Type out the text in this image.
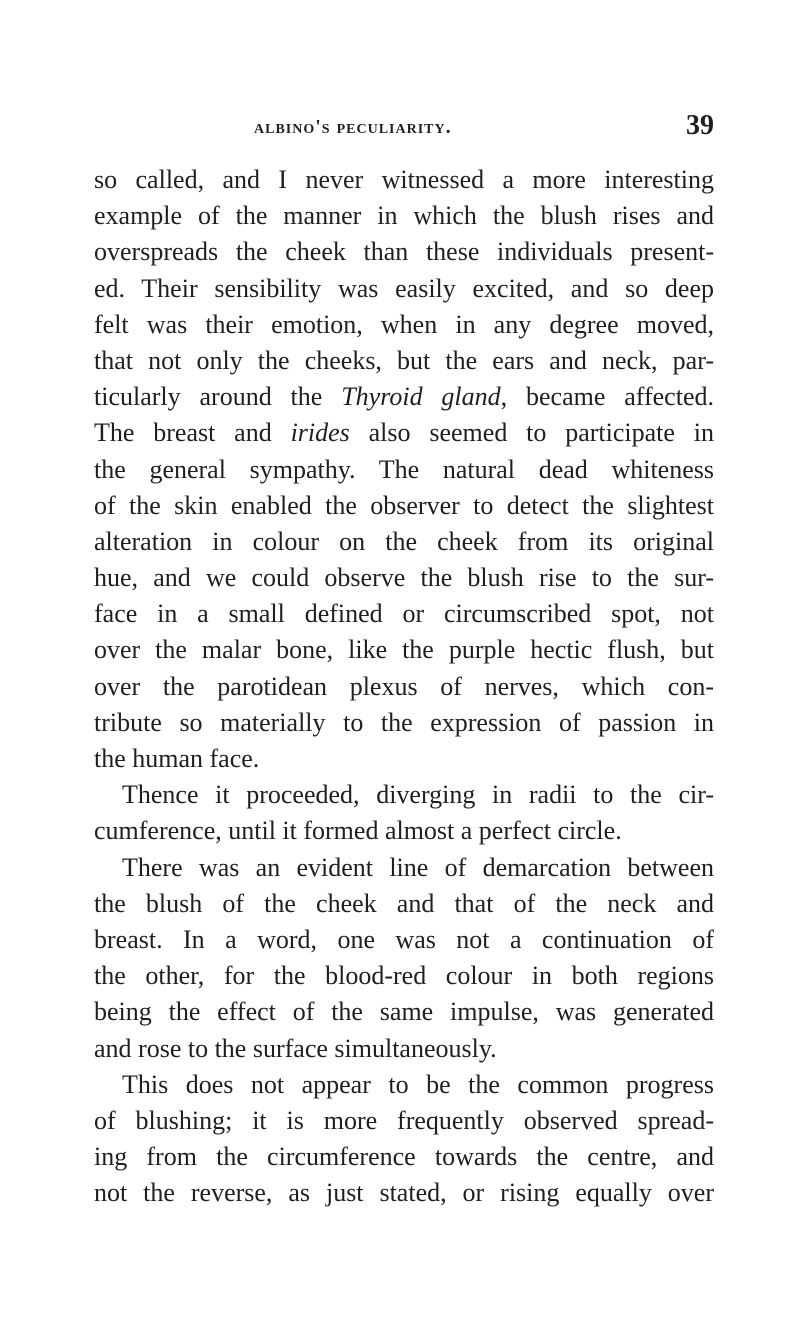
albino's peculiarity.	39
so called, and I never witnessed a more interesting
example of the manner in which the blush rises and
overspreads the cheek than these individuals present-
ed. Their sensibility was easily excited, and so deep
felt was their emotion, when in any degree moved,
that not only the cheeks, but the ears and neck, par-
ticularly around the Thyroid gland, became affected.
The breast and irides also seemed to participate in
the general sympathy. The natural dead whiteness
of the skin enabled the observer to detect the slightest
alteration in colour on the cheek from its original
hue, and we could observe the blush rise to the sur-
face in a small defined or circumscribed spot, not
over the malar bone, like the purple hectic flush, but
over the parotidean plexus of nerves, which con-
tribute so materially to the expression of passion in
the human face.
Thence it proceeded, diverging in radii to the cir-
cumference, until it formed almost a perfect circle.
There was an evident line of demarcation between
the blush of the cheek and that of the neck and
breast. In a word, one was not a continuation of
the other, for the blood-red colour in both regions
being the effect of the same impulse, was generated
and rose to the surface simultaneously.
This does not appear to be the common progress
of blushing; it is more frequently observed spread-
ing from the circumference towards the centre, and
not the reverse, as just stated, or rising equally over
